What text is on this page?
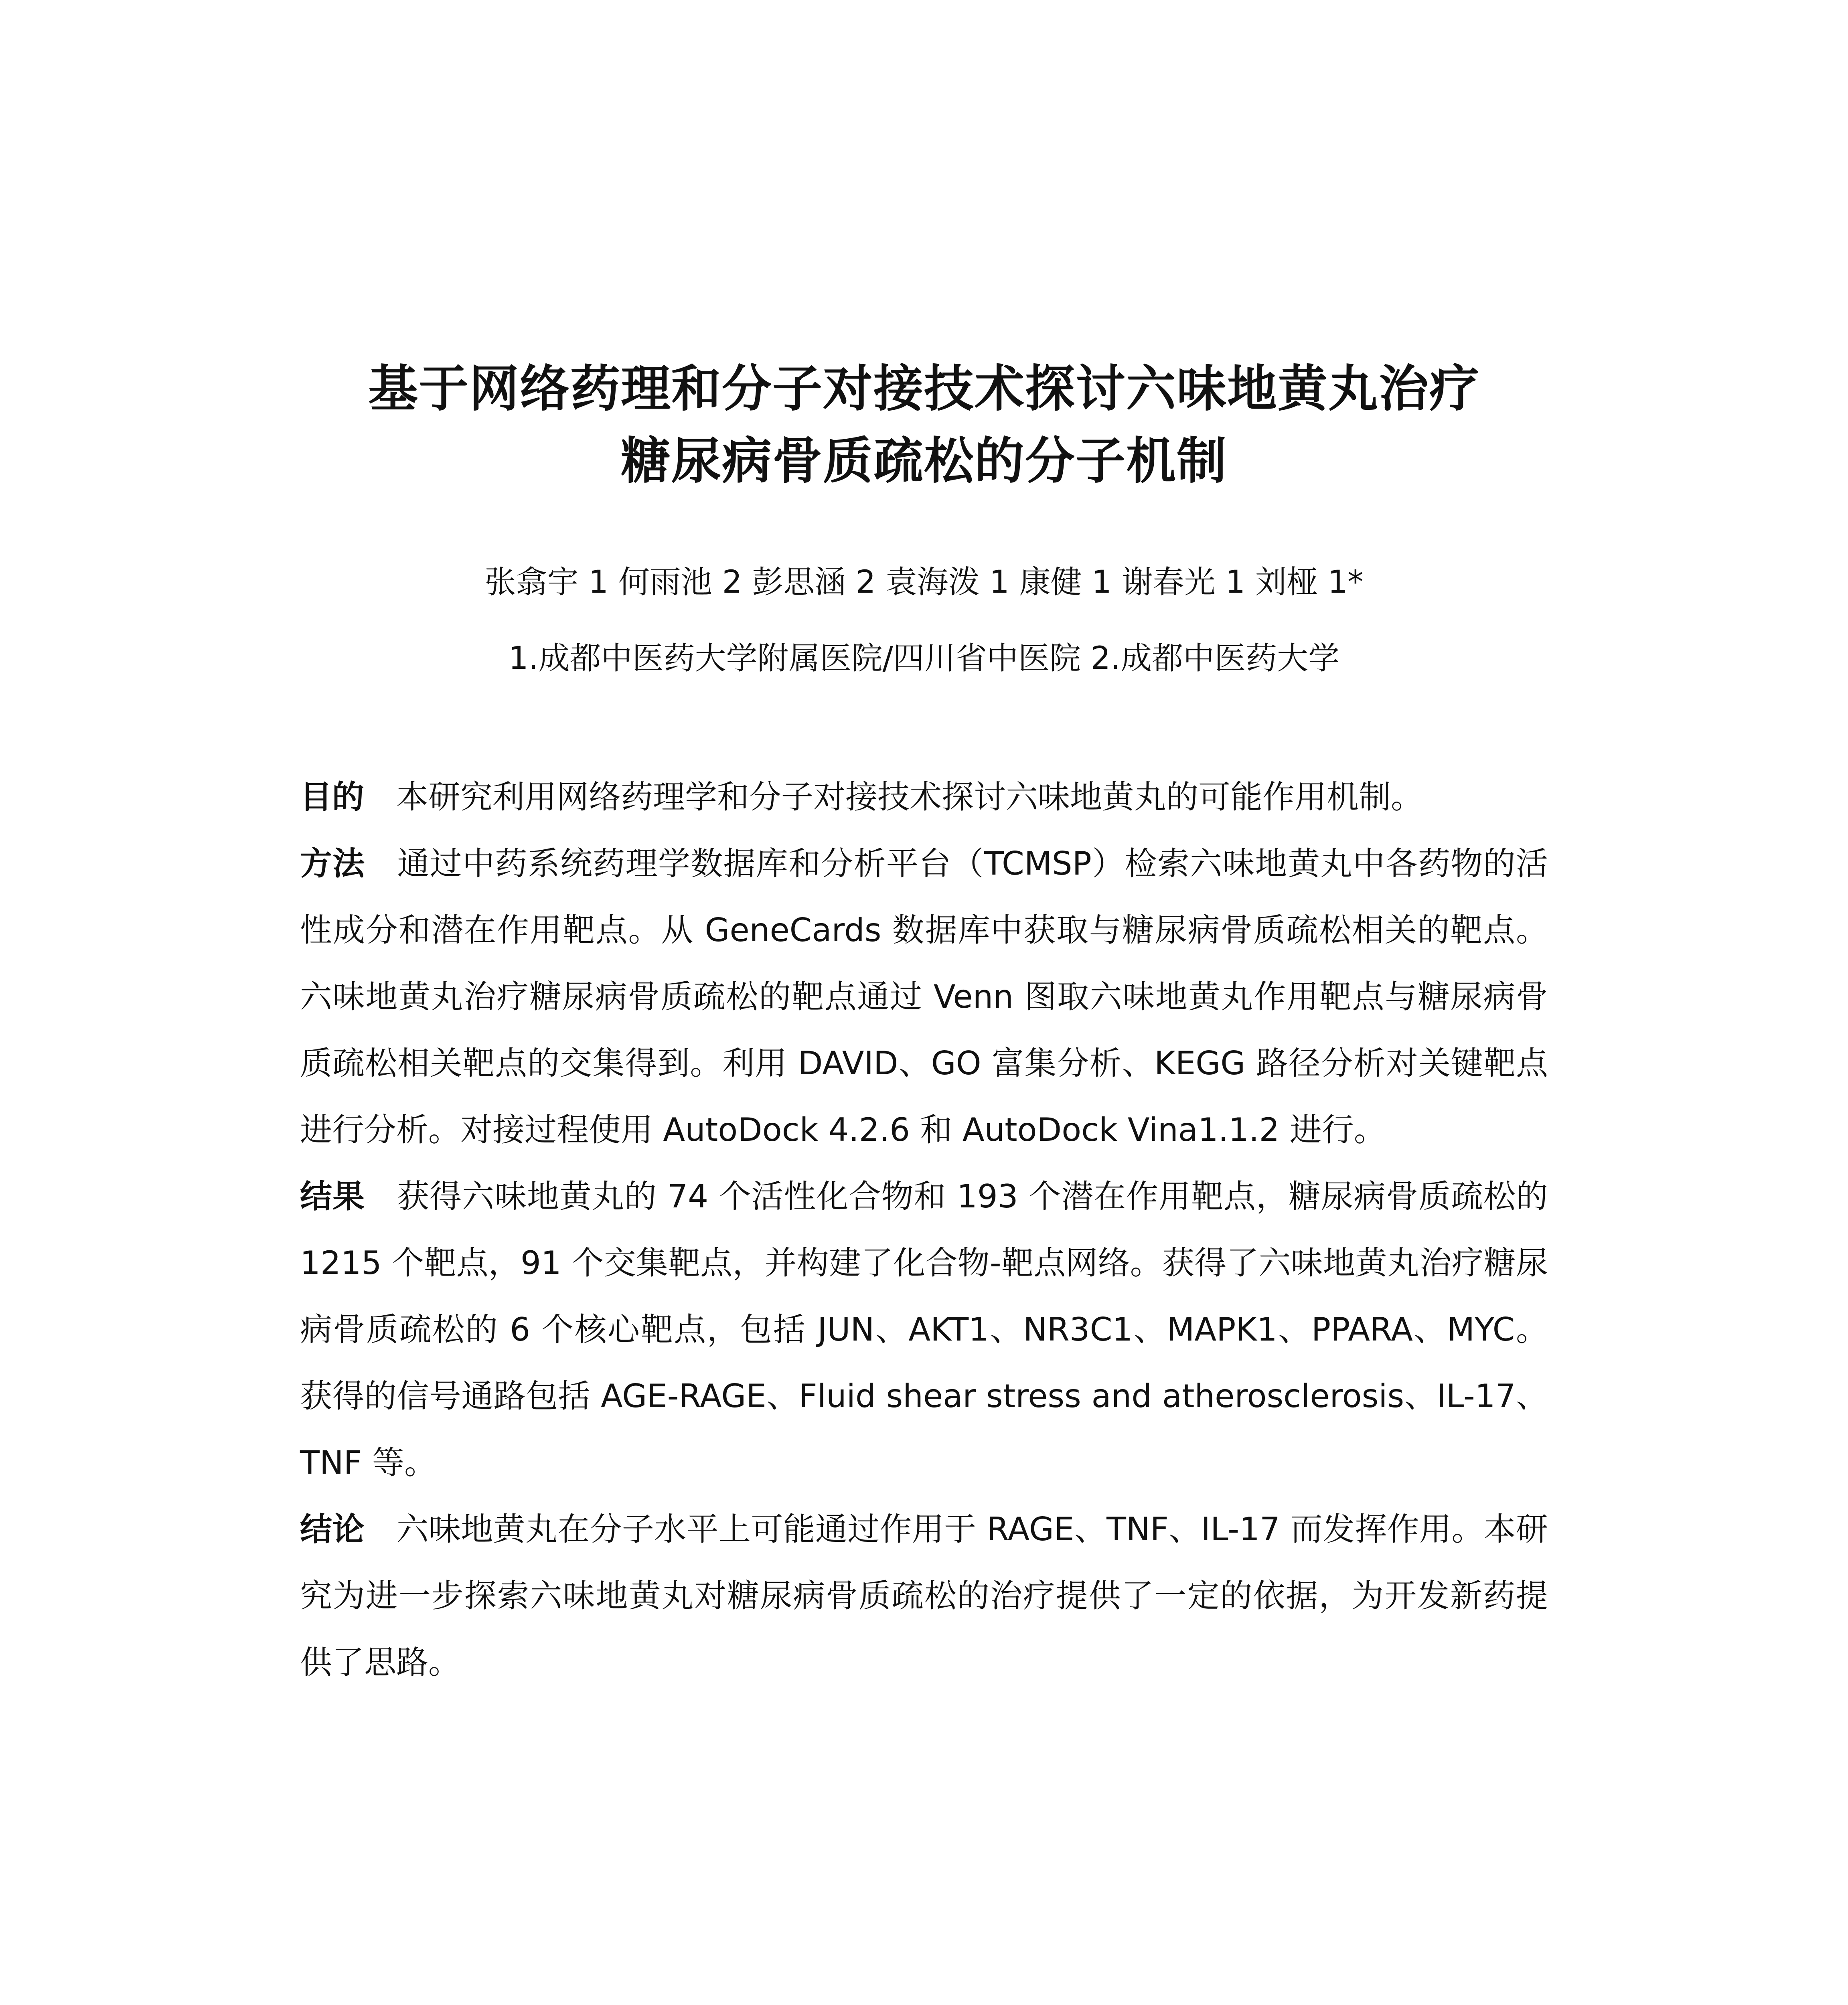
基于网络药理和分子对接技术探讨六味地黄丸治疗
糖尿病骨质疏松的分子机制
张翕宇 1 何雨池 2 彭思涵 2 袁海泼 1 康健 1 谢春光 1 刘桠 1*
1.成都中医药大学附属医院/四川省中医院 2.成都中医药大学

目的 本研究利用网络药理学和分子对接技术探讨六味地黄丸的可能作用机制。

方法 通过中药系统药理学数据库和分析平台（TCMSP）检索六味地黄丸中各药物的活性成分和潜在作用靶点。从 GeneCards 数据库中获取与糖尿病骨质疏松相关的靶点。六味地黄丸治疗糖尿病骨质疏松的靶点通过 Venn 图取六味地黄丸作用靶点与糖尿病骨质疏松相关靶点的交集得到。利用 DAVID、GO 富集分析、KEGG 路径分析对关键靶点进行分析。对接过程使用 AutoDock 4.2.6 和 AutoDock Vina1.1.2 进行。

结果 获得六味地黄丸的 74 个活性化合物和 193 个潜在作用靶点，糖尿病骨质疏松的 1215 个靶点，91 个交集靶点，并构建了化合物-靶点网络。获得了六味地黄丸治疗糖尿病骨质疏松的 6 个核心靶点，包括 JUN、AKT1、NR3C1、MAPK1、PPARA、MYC。获得的信号通路包括 AGE-RAGE、Fluid shear stress and atherosclerosis、IL-17、TNF 等。

结论 六味地黄丸在分子水平上可能通过作用于 RAGE、TNF、IL-17 而发挥作用。本研究为进一步探索六味地黄丸对糖尿病骨质疏松的治疗提供了一定的依据，为开发新药提供了思路。
